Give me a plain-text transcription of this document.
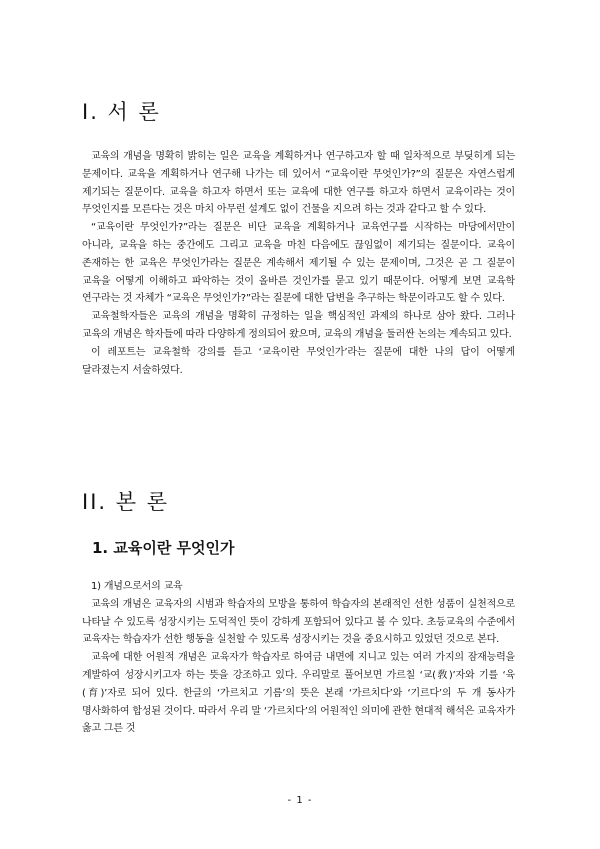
I. 서 론

교육의 개념을 명확히 밝히는 일은 교육을 계획하거나 연구하고자 할 때 일차적으로 부딪히게 되는 문제이다. 교육을 계획하거나 연구해 나가는 데 있어서 “교육이란 무엇인가?”의 질문은 자연스럽게 제기되는 질문이다. 교육을 하고자 하면서 또는 교육에 대한 연구를 하고자 하면서 교육이라는 것이 무엇인지를 모른다는 것은 마치 아무런 설계도 없이 건물을 지으려 하는 것과 같다고 할 수 있다.

“교육이란 무엇인가?”라는 질문은 비단 교육을 계획하거나 교육연구를 시작하는 마당에서만이 아니라, 교육을 하는 중간에도 그리고 교육을 마친 다음에도 끊임없이 제기되는 질문이다. 교육이 존재하는 한 교육은 무엇인가라는 질문은 계속해서 제기될 수 있는 문제이며, 그것은 곧 그 질문이 교육을 어떻게 이해하고 파악하는 것이 올바른 것인가를 묻고 있기 때문이다. 어떻게 보면 교육학 연구라는 것 자체가 “교육은 무엇인가?”라는 질문에 대한 답변을 추구하는 학문이라고도 할 수 있다.

교육철학자들은 교육의 개념을 명확히 규정하는 일을 핵심적인 과제의 하나로 삼아 왔다. 그러나 교육의 개념은 학자들에 따라 다양하게 정의되어 왔으며, 교육의 개념을 둘러싼 논의는 계속되고 있다.

이 레포트는 교육철학 강의를 듣고 ‘교육이란 무엇인가’라는 질문에 대한 나의 답이 어떻게 달라졌는지 서술하였다.

II. 본 론
1. 교육이란 무엇인가

1) 개념으로서의 교육

교육의 개념은 교육자의 시범과 학습자의 모방을 통하여 학습자의 본래적인 선한 성품이 실천적으로 나타날 수 있도록 성장시키는 도덕적인 뜻이 강하게 포함되어 있다고 볼 수 있다. 초등교육의 수준에서 교육자는 학습자가 선한 행동을 실천할 수 있도록 성장시키는 것을 중요시하고 있었던 것으로 본다.

교육에 대한 어원적 개념은 교육자가 학습자로 하여금 내면에 지니고 있는 여러 가지의 잠재능력을 계발하여 성장시키고자 하는 뜻을 강조하고 있다. 우리말로 풀어보면 가르칠 ‘교(敎)’자와 기를 ‘육(育)’자로 되어 있다. 한글의 ‘가르치고 기름’의 뜻은 본래 ‘가르치다’와 ‘기르다’의 두 개 동사가 명사화하여 합성된 것이다. 따라서 우리 말 ‘가르치다’의 어원적인 의미에 관한 현대적 해석은 교육자가 옳고 그른 것

- 1 -
